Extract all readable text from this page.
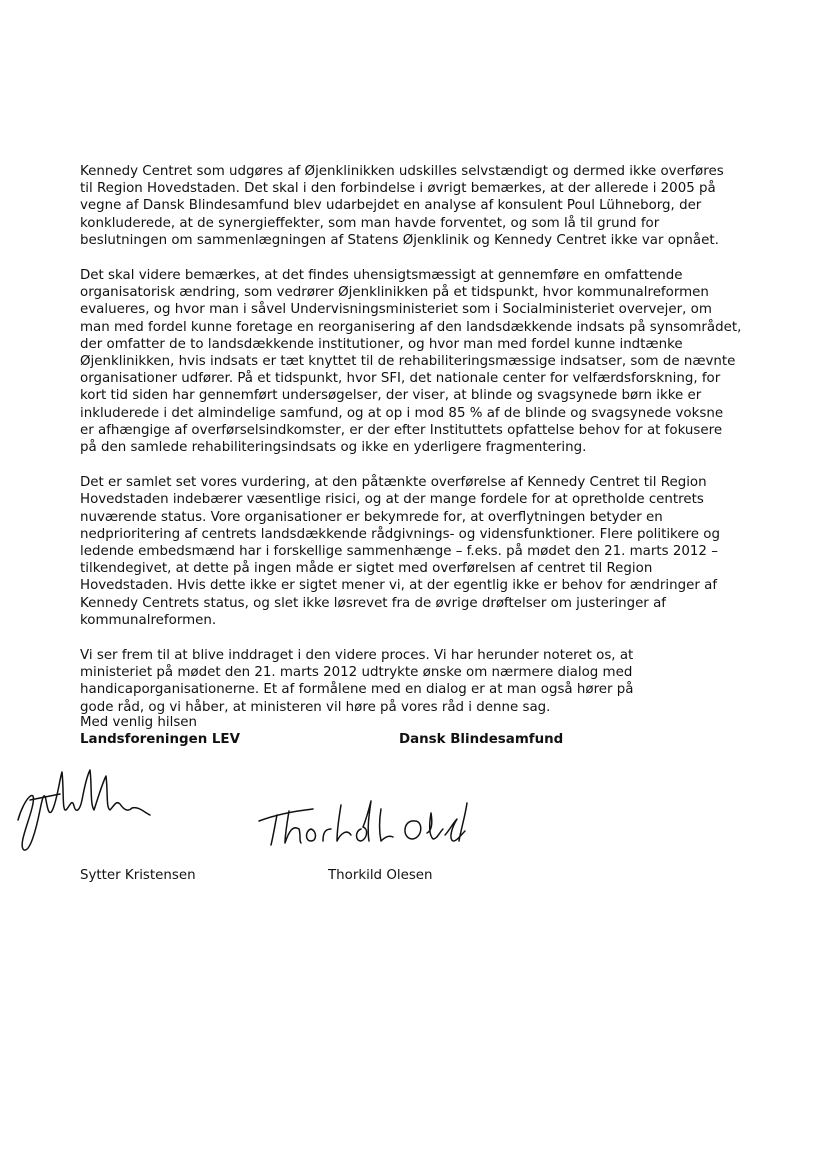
Kennedy Centret som udgøres af Øjenklinikken udskilles selvstændigt og dermed ikke overføres
til Region Hovedstaden. Det skal i den forbindelse i øvrigt bemærkes, at der allerede i 2005 på
vegne af Dansk Blindesamfund blev udarbejdet en analyse af konsulent Poul Lühneborg, der
konkluderede, at de synergieffekter, som man havde forventet, og som lå til grund for
beslutningen om sammenlægningen af Statens Øjenklinik og Kennedy Centret ikke var opnået.

Det skal videre bemærkes, at det findes uhensigtsmæssigt at gennemføre en omfattende
organisatorisk ændring, som vedrører Øjenklinikken på et tidspunkt, hvor kommunalreformen
evalueres, og hvor man i såvel Undervisningsministeriet som i Socialministeriet overvejer, om
man med fordel kunne foretage en reorganisering af den landsdækkende indsats på synsområdet,
der omfatter de to landsdækkende institutioner, og hvor man med fordel kunne indtænke
Øjenklinikken, hvis indsats er tæt knyttet til de rehabiliteringsmæssige indsatser, som de nævnte
organisationer udfører. På et tidspunkt, hvor SFI, det nationale center for velfærdsforskning, for
kort tid siden har gennemført undersøgelser, der viser, at blinde og svagsynede børn ikke er
inkluderede i det almindelige samfund, og at op i mod 85 % af de blinde og svagsynede voksne
er afhængige af overførselsindkomster, er der efter Instituttets opfattelse behov for at fokusere
på den samlede rehabiliteringsindsats og ikke en yderligere fragmentering.

Det er samlet set vores vurdering, at den påtænkte overførelse af Kennedy Centret til Region
Hovedstaden indebærer væsentlige risici, og at der mange fordele for at opretholde centrets
nuværende status. Vore organisationer er bekymrede for, at overflytningen betyder en
nedprioritering af centrets landsdækkende rådgivnings- og vidensfunktioner. Flere politikere og
ledende embedsmænd har i forskellige sammenhænge – f.eks. på mødet den 21. marts 2012 –
tilkendegivet, at dette på ingen måde er sigtet med overførelsen af centret til Region
Hovedstaden. Hvis dette ikke er sigtet mener vi, at der egentlig ikke er behov for ændringer af
Kennedy Centrets status, og slet ikke løsrevet fra de øvrige drøftelser om justeringer af
kommunalreformen.

Vi ser frem til at blive inddraget i den videre proces. Vi har herunder noteret os, at
ministeriet på mødet den 21. marts 2012 udtrykte ønske om nærmere dialog med
handicaporganisationerne. Et af formålene med en dialog er at man også hører på
gode råd, og vi håber, at ministeren vil høre på vores råd i denne sag.

Med venlig hilsen
Landsforeningen LEV	Dansk Blindesamfund
Sytter Kristensen	Thorkild Olesen
